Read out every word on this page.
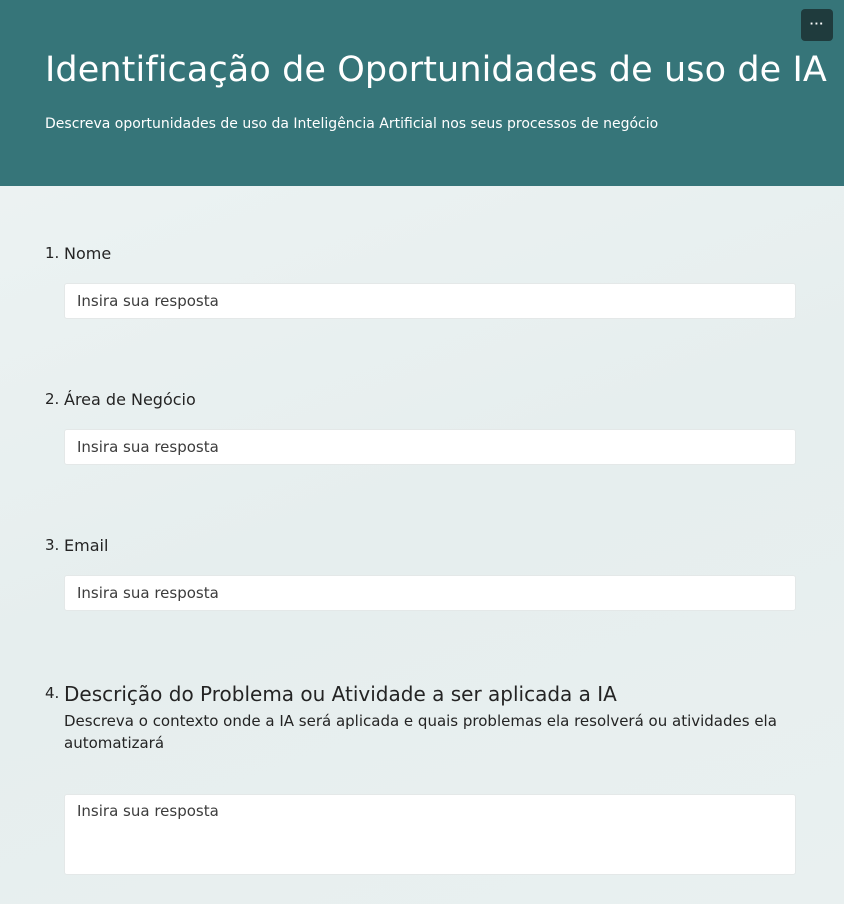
Identificação de Oportunidades de uso de IA

Descreva oportunidades de uso da Inteligência Artificial nos seus processos de negócio

···
1. Nome
Insira sua resposta
2. Área de Negócio
Insira sua resposta
3. Email
Insira sua resposta
4. Descrição do Problema ou Atividade a ser aplicada a IA

Descreva o contexto onde a IA será aplicada e quais problemas ela resolverá ou atividades ela automatizará

Insira sua resposta
